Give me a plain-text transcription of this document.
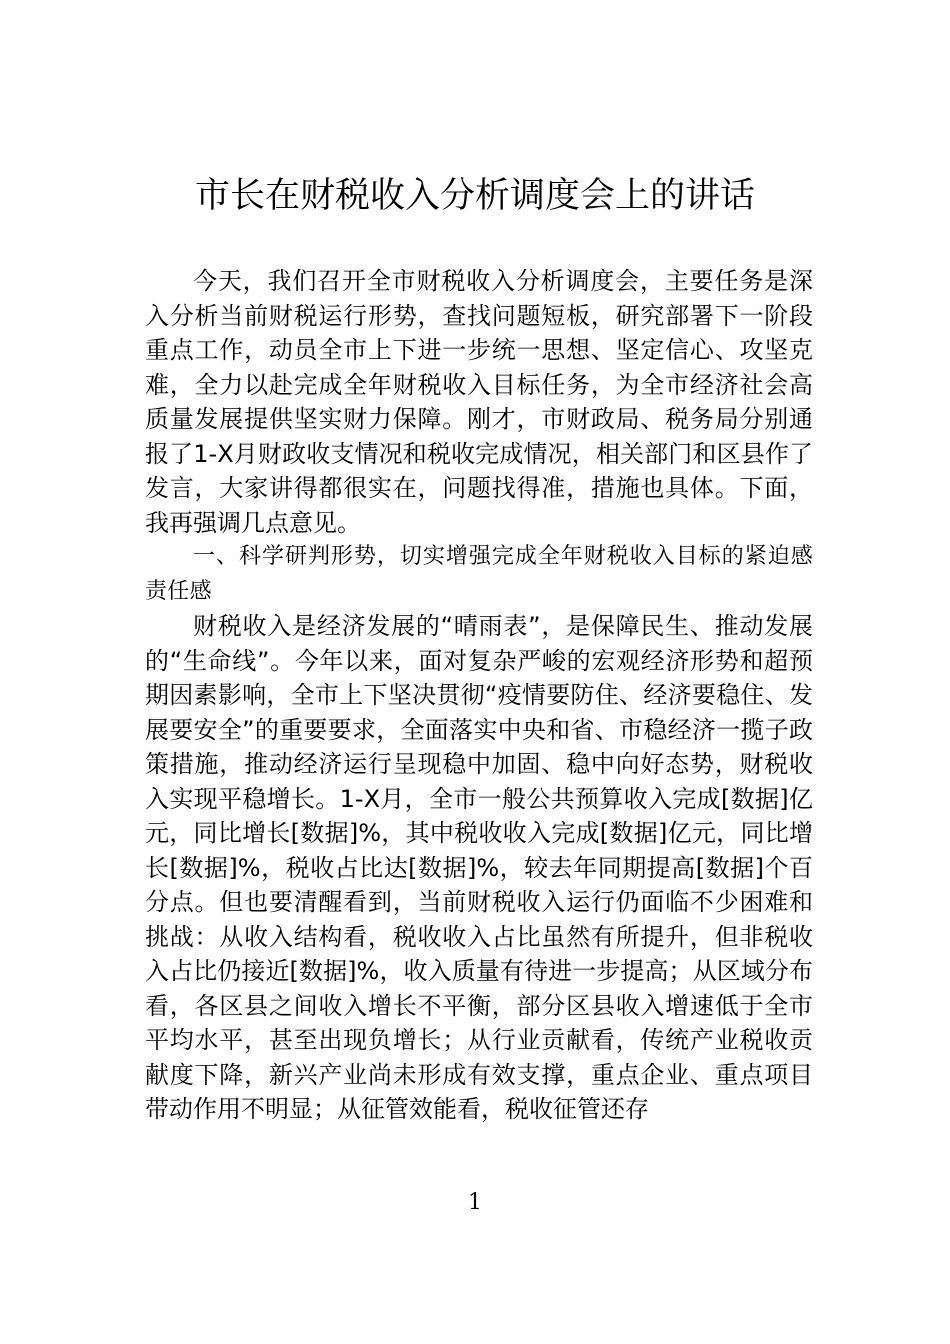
市长在财税收入分析调度会上的讲话

今天，我们召开全市财税收入分析调度会，主要任务是深入分析当前财税运行形势，查找问题短板，研究部署下一阶段重点工作，动员全市上下进一步统一思想、坚定信心、攻坚克难，全力以赴完成全年财税收入目标任务，为全市经济社会高质量发展提供坚实财力保障。刚才，市财政局、税务局分别通报了1-X月财政收支情况和税收完成情况，相关部门和区县作了发言，大家讲得都很实在，问题找得准，措施也具体。下面，我再强调几点意见。

一、科学研判形势，切实增强完成全年财税收入目标的紧迫感责任感

财税收入是经济发展的“晴雨表”，是保障民生、推动发展的“生命线”。今年以来，面对复杂严峻的宏观经济形势和超预期因素影响，全市上下坚决贯彻“疫情要防住、经济要稳住、发展要安全”的重要要求，全面落实中央和省、市稳经济一揽子政策措施，推动经济运行呈现稳中加固、稳中向好态势，财税收入实现平稳增长。1-X月，全市一般公共预算收入完成[数据]亿元，同比增长[数据]%，其中税收收入完成[数据]亿元，同比增长[数据]%，税收占比达[数据]%，较去年同期提高[数据]个百分点。但也要清醒看到，当前财税收入运行仍面临不少困难和挑战：从收入结构看，税收收入占比虽然有所提升，但非税收入占比仍接近[数据]%，收入质量有待进一步提高；从区域分布看，各区县之间收入增长不平衡，部分区县收入增速低于全市平均水平，甚至出现负增长；从行业贡献看，传统产业税收贡献度下降，新兴产业尚未形成有效支撑，重点企业、重点项目带动作用不明显；从征管效能看，税收征管还存

1
